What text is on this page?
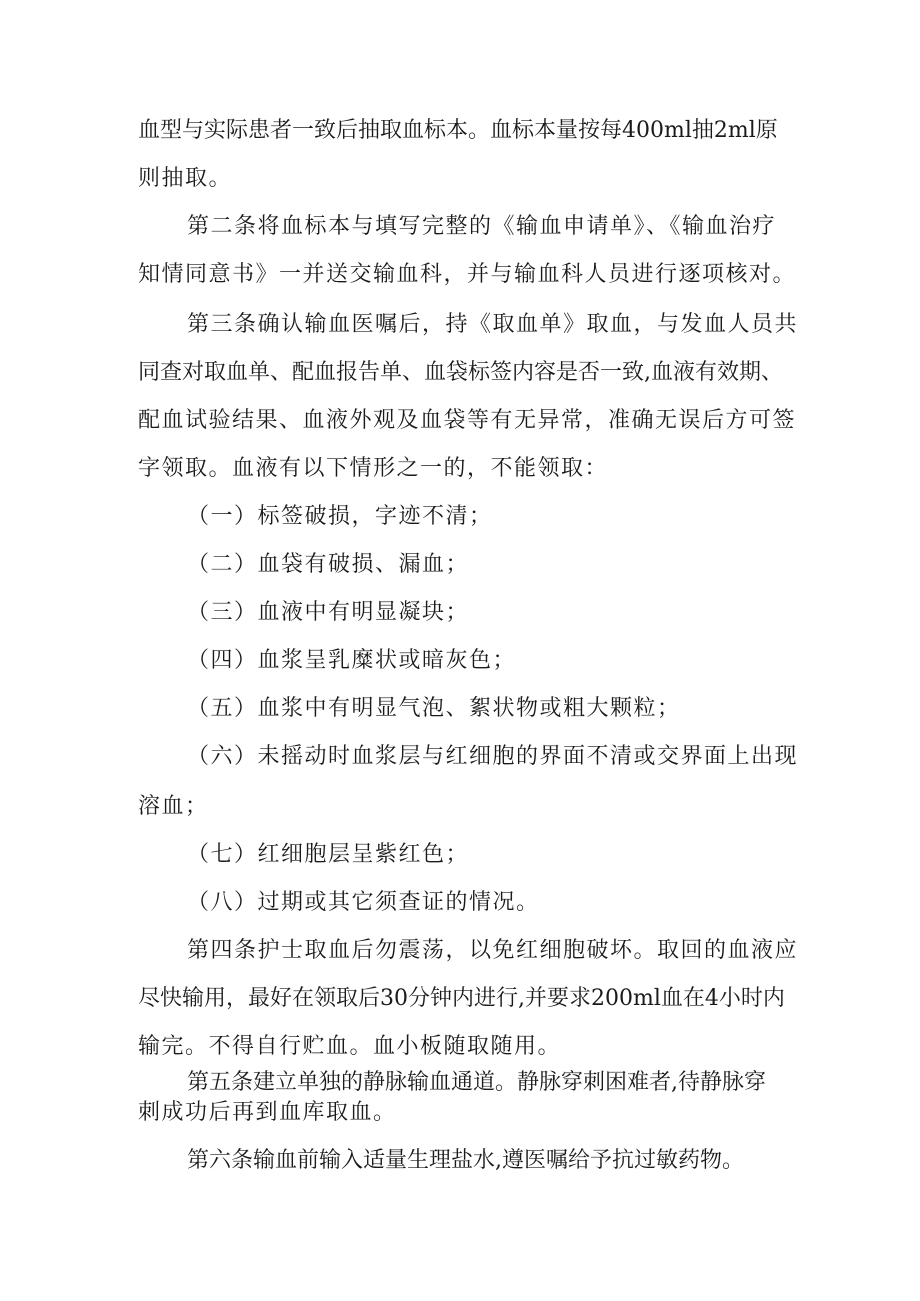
血型与实际患者一致后抽取血标本。血标本量按每400ml抽2ml原
则抽取。
第二条将血标本与填写完整的《输血申请单》、《输血治疗
知情同意书》一并送交输血科，并与输血科人员进行逐项核对。
第三条确认输血医嘱后，持《取血单》取血，与发血人员共
同查对取血单、配血报告单、血袋标签内容是否一致,血液有效期、
配血试验结果、血液外观及血袋等有无异常，准确无误后方可签
字领取。血液有以下情形之一的，不能领取：
（一）标签破损，字迹不清；
（二）血袋有破损、漏血；
（三）血液中有明显凝块；
（四）血浆呈乳糜状或暗灰色；
（五）血浆中有明显气泡、絮状物或粗大颗粒；
（六）未摇动时血浆层与红细胞的界面不清或交界面上出现
溶血；
（七）红细胞层呈紫红色；
（八）过期或其它须查证的情况。
第四条护士取血后勿震荡，以免红细胞破坏。取回的血液应
尽快输用，最好在领取后30分钟内进行,并要求200ml血在4小时内
输完。不得自行贮血。血小板随取随用。
第五条建立单独的静脉输血通道。静脉穿刺困难者,待静脉穿
刺成功后再到血库取血。
第六条输血前输入适量生理盐水,遵医嘱给予抗过敏药物。
